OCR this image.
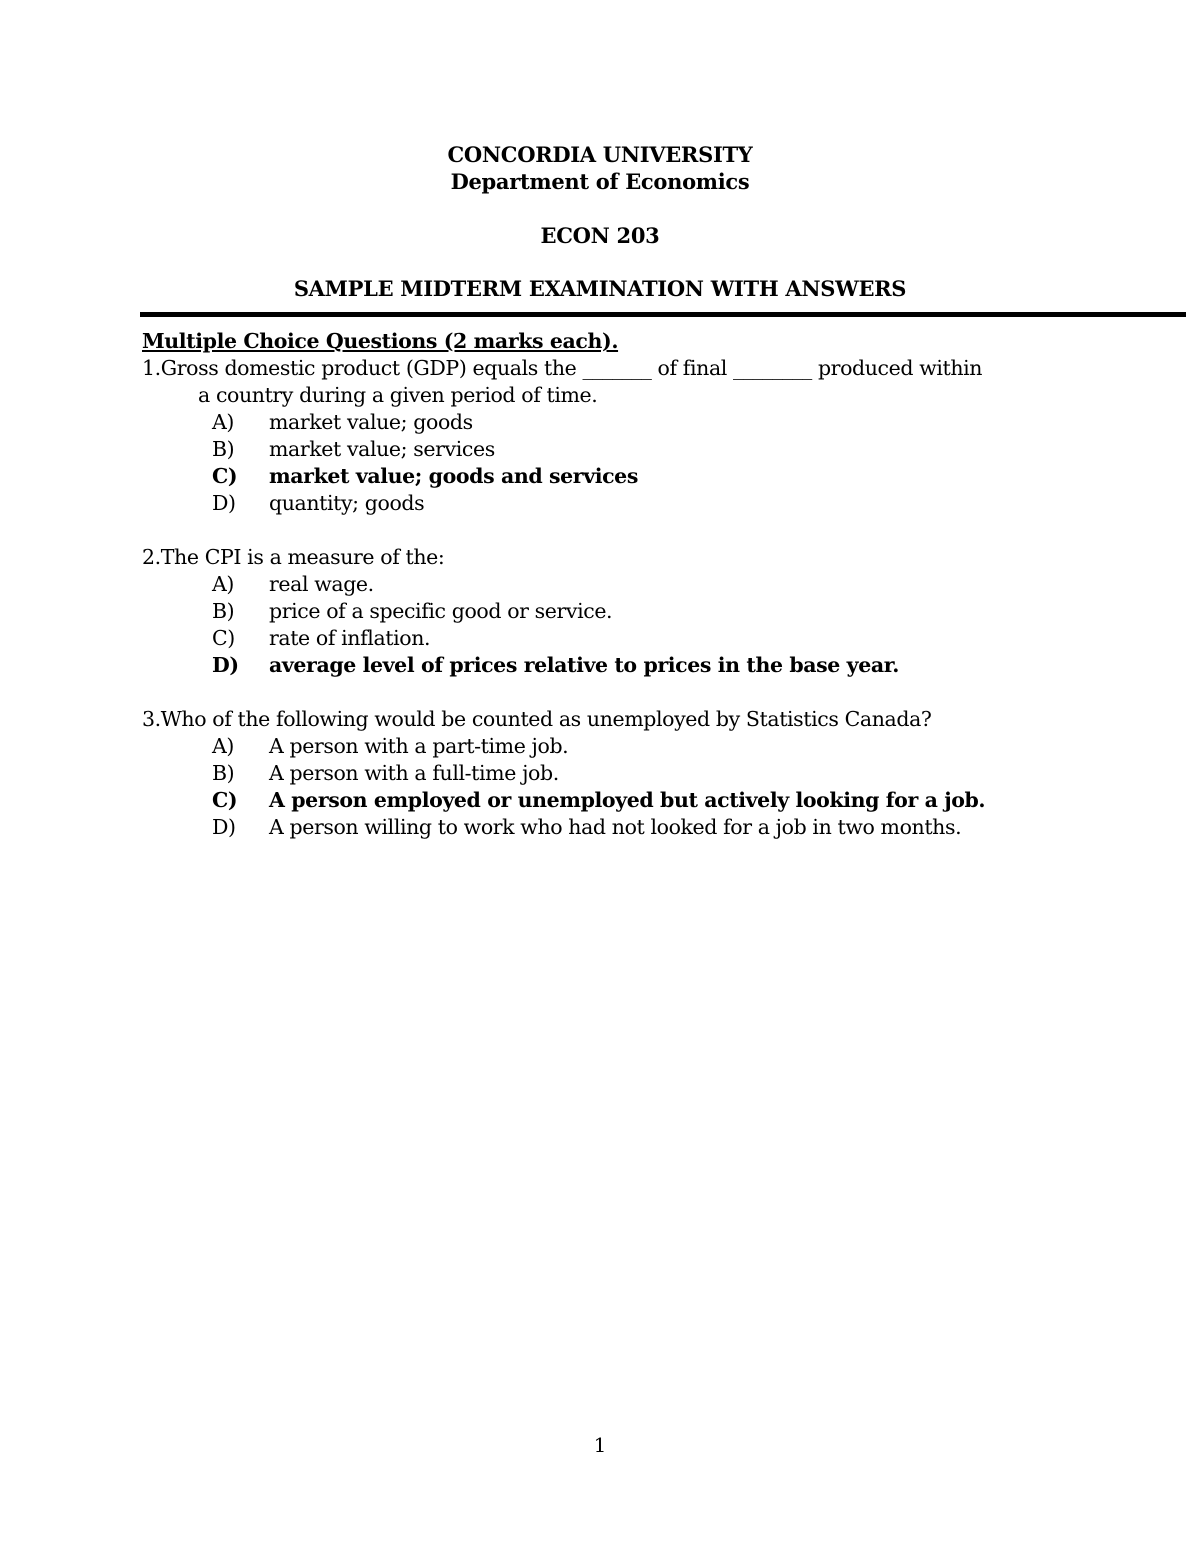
CONCORDIA UNIVERSITY
Department of Economics
ECON 203
SAMPLE MIDTERM EXAMINATION WITH ANSWERS

Multiple Choice Questions (2 marks each).

1.Gross domestic product (GDP) equals the _______ of final ________ produced within
a country during a given period of time.
A)	market value; goods
B)	market value; services
C)	market value; goods and services
D)	quantity; goods
2.The CPI is a measure of the:
A)	real wage.
B)	price of a specific good or service.
C)	rate of inflation.
D)	average level of prices relative to prices in the base year.
3.Who of the following would be counted as unemployed by Statistics Canada?
A)	A person with a part-time job.
B)	A person with a full-time job.
C)	A person employed or unemployed but actively looking for a job.
D)	A person willing to work who had not looked for a job in two months.
1
